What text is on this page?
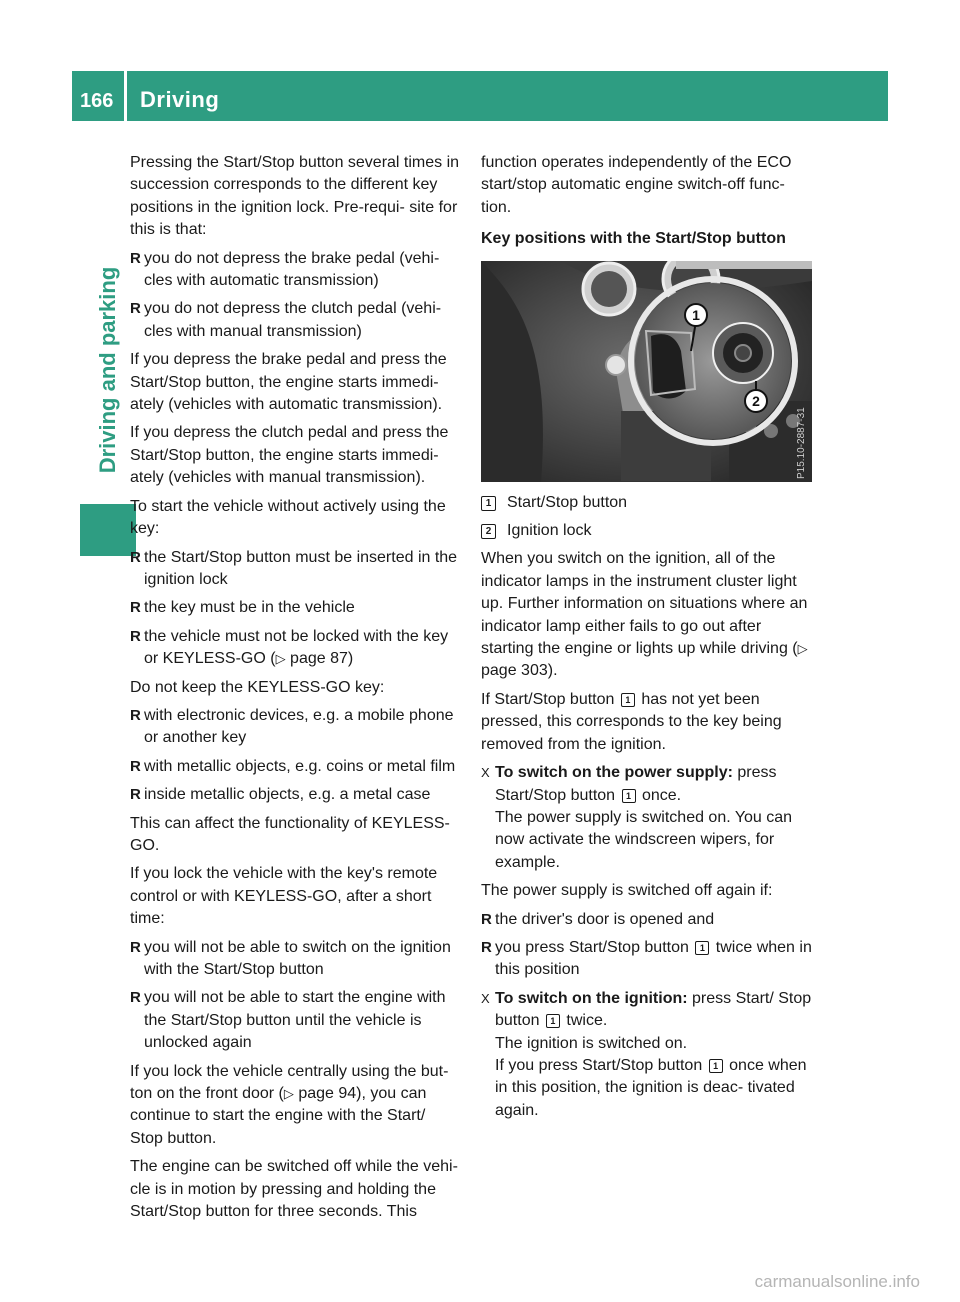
166 Driving
Driving and parking

Pressing the Start/Stop button several times in succession corresponds to the different key positions in the ignition lock. Pre-requi- site for this is that:

R you do not depress the brake pedal (vehi- cles with automatic transmission)

R you do not depress the clutch pedal (vehi- cles with manual transmission)

If you depress the brake pedal and press the Start/Stop button, the engine starts immedi- ately (vehicles with automatic transmission).

If you depress the clutch pedal and press the Start/Stop button, the engine starts immedi- ately (vehicles with manual transmission).

To start the vehicle without actively using the key:

R the Start/Stop button must be inserted in the ignition lock

R the key must be in the vehicle

R the vehicle must not be locked with the key or KEYLESS-GO (▷ page 87)

Do not keep the KEYLESS-GO key:

R with electronic devices, e.g. a mobile phone or another key

R with metallic objects, e.g. coins or metal film

R inside metallic objects, e.g. a metal case

This can affect the functionality of KEYLESS- GO.

If you lock the vehicle with the key's remote control or with KEYLESS-GO, after a short time:

R you will not be able to switch on the ignition with the Start/Stop button

R you will not be able to start the engine with the Start/Stop button until the vehicle is unlocked again

If you lock the vehicle centrally using the but- ton on the front door (▷ page 94), you can continue to start the engine with the Start/ Stop button.

The engine can be switched off while the vehi- cle is in motion by pressing and holding the Start/Stop button for three seconds. This

function operates independently of the ECO start/stop automatic engine switch-off func- tion.

Key positions with the Start/Stop button

1
2
P15.10-2887-31

1 Start/Stop button

2 Ignition lock

When you switch on the ignition, all of the indicator lamps in the instrument cluster light up. Further information on situations where an indicator lamp either fails to go out after starting the engine or lights up while driving (▷ page 303).

If Start/Stop button 1 has not yet been pressed, this corresponds to the key being removed from the ignition.

X To switch on the power supply: press Start/Stop button 1 once.
The power supply is switched on. You can now activate the windscreen wipers, for example.

The power supply is switched off again if:

R the driver's door is opened and

R you press Start/Stop button 1 twice when in this position

X To switch on the ignition: press Start/ Stop button 1 twice.
The ignition is switched on.
If you press Start/Stop button 1 once when in this position, the ignition is deac- tivated again.

carmanualsonline.info
